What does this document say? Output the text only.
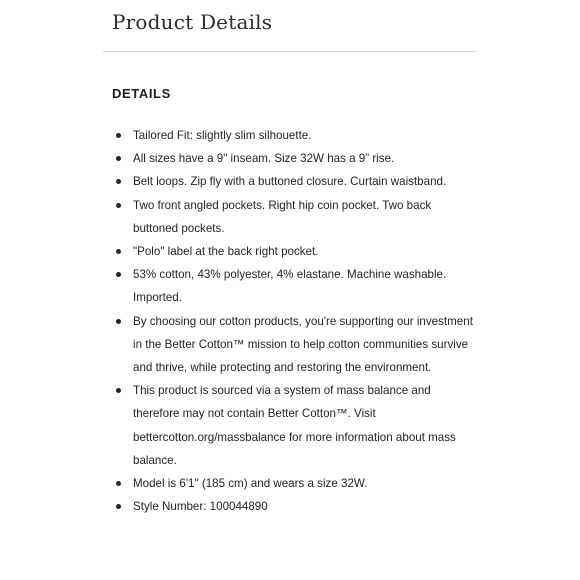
Product Details
DETAILS
Tailored Fit: slightly slim silhouette.
All sizes have a 9" inseam. Size 32W has a 9” rise.
Belt loops. Zip fly with a buttoned closure. Curtain waistband.
Two front angled pockets. Right hip coin pocket. Two back buttoned pockets.
"Polo" label at the back right pocket.
53% cotton, 43% polyester, 4% elastane. Machine washable. Imported.
By choosing our cotton products, you're supporting our investment in the Better Cotton™ mission to help cotton communities survive and thrive, while protecting and restoring the environment.
This product is sourced via a system of mass balance and therefore may not contain Better Cotton™. Visit bettercotton.org/massbalance for more information about mass balance.
Model is 6'1" (185 cm) and wears a size 32W.
Style Number: 100044890
